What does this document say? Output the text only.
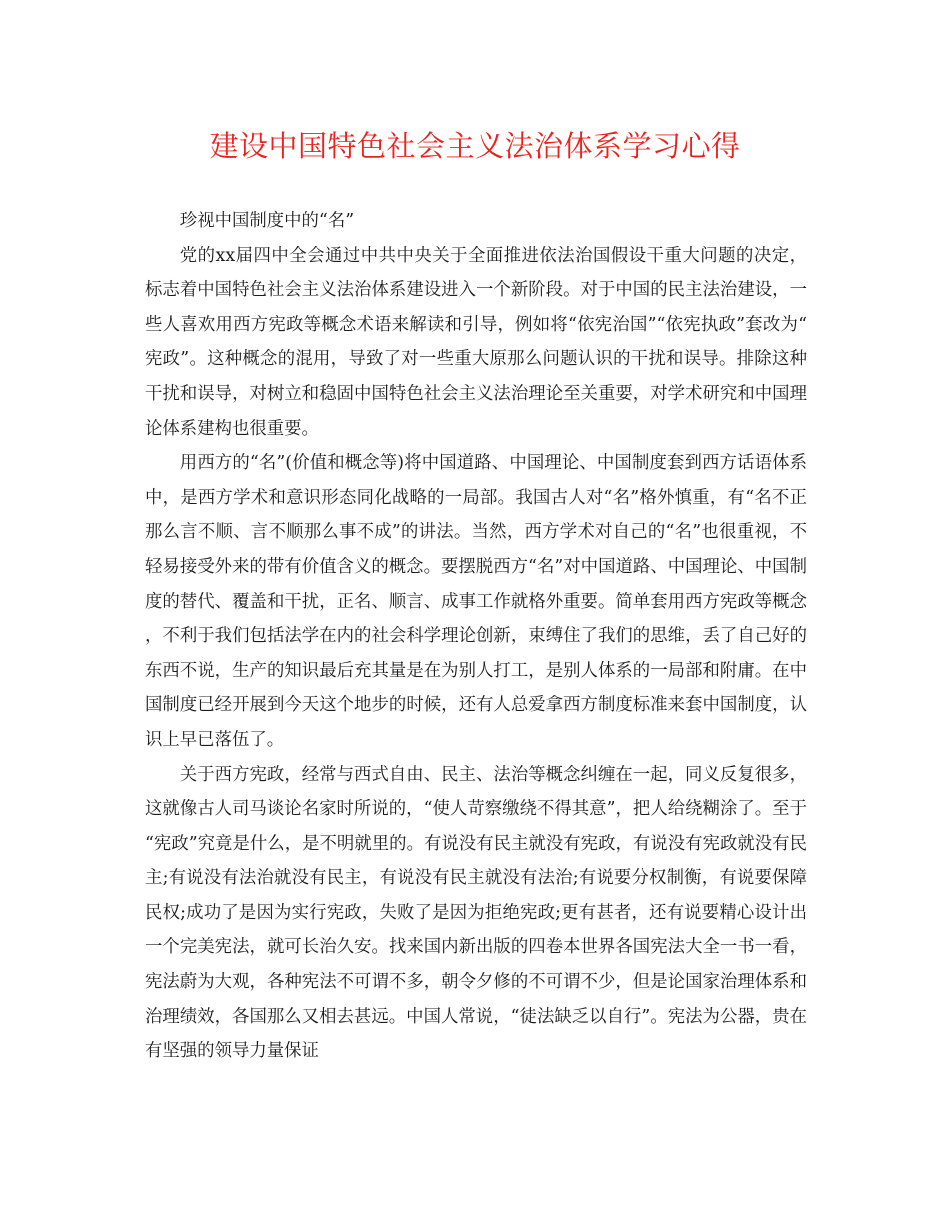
建设中国特色社会主义法治体系学习心得

珍视中国制度中的“名”

党的xx届四中全会通过中共中央关于全面推进依法治国假设干重大问题的决定，标志着中国特色社会主义法治体系建设进入一个新阶段。对于中国的民主法治建设，一些人喜欢用西方宪政等概念术语来解读和引导，例如将“依宪治国”“依宪执政”套改为“宪政”。这种概念的混用，导致了对一些重大原那么问题认识的干扰和误导。排除这种干扰和误导，对树立和稳固中国特色社会主义法治理论至关重要，对学术研究和中国理论体系建构也很重要。

用西方的“名”(价值和概念等)将中国道路、中国理论、中国制度套到西方话语体系中，是西方学术和意识形态同化战略的一局部。我国古人对“名”格外慎重，有“名不正那么言不顺、言不顺那么事不成”的讲法。当然，西方学术对自己的“名”也很重视，不轻易接受外来的带有价值含义的概念。要摆脱西方“名”对中国道路、中国理论、中国制度的替代、覆盖和干扰，正名、顺言、成事工作就格外重要。简单套用西方宪政等概念，不利于我们包括法学在内的社会科学理论创新，束缚住了我们的思维，丢了自己好的东西不说，生产的知识最后充其量是在为别人打工，是别人体系的一局部和附庸。在中国制度已经开展到今天这个地步的时候，还有人总爱拿西方制度标准来套中国制度，认识上早已落伍了。

关于西方宪政，经常与西式自由、民主、法治等概念纠缠在一起，同义反复很多，这就像古人司马谈论名家时所说的，“使人苛察缴绕不得其意”，把人给绕糊涂了。至于“宪政”究竟是什么，是不明就里的。有说没有民主就没有宪政，有说没有宪政就没有民主;有说没有法治就没有民主，有说没有民主就没有法治;有说要分权制衡，有说要保障民权;成功了是因为实行宪政，失败了是因为拒绝宪政;更有甚者，还有说要精心设计出一个完美宪法，就可长治久安。找来国内新出版的四卷本世界各国宪法大全一书一看，宪法蔚为大观，各种宪法不可谓不多，朝令夕修的不可谓不少，但是论国家治理体系和治理绩效，各国那么又相去甚远。中国人常说，“徒法缺乏以自行”。宪法为公器，贵在有坚强的领导力量保证
